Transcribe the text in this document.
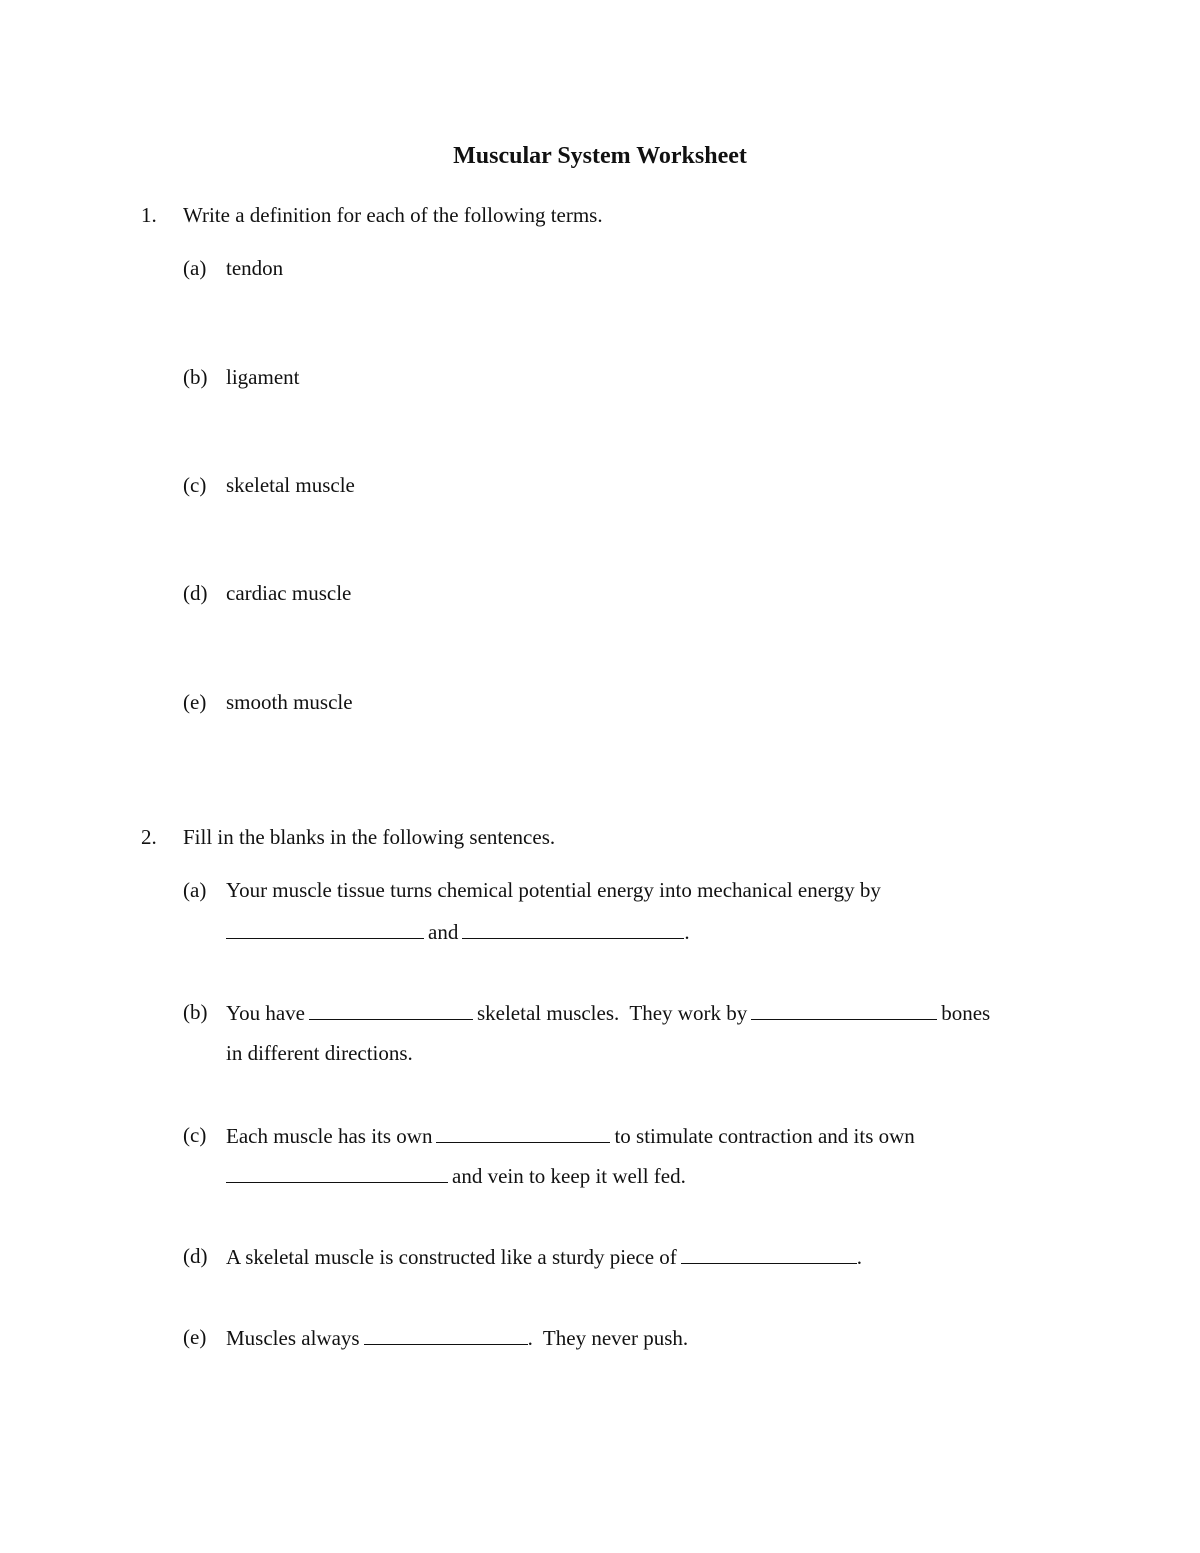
Muscular System Worksheet
1. Write a definition for each of the following terms.
(a) tendon
(b) ligament
(c) skeletal muscle
(d) cardiac muscle
(e) smooth muscle
2. Fill in the blanks in the following sentences.
(a) Your muscle tissue turns chemical potential energy into mechanical energy by
and	.
(b) You have	skeletal muscles.  They work by	bones
in different directions.
(c) Each muscle has its own	to stimulate contraction and its own
and vein to keep it well fed.
(d) A skeletal muscle is constructed like a sturdy piece of	.
(e) Muscles always	.  They never push.
